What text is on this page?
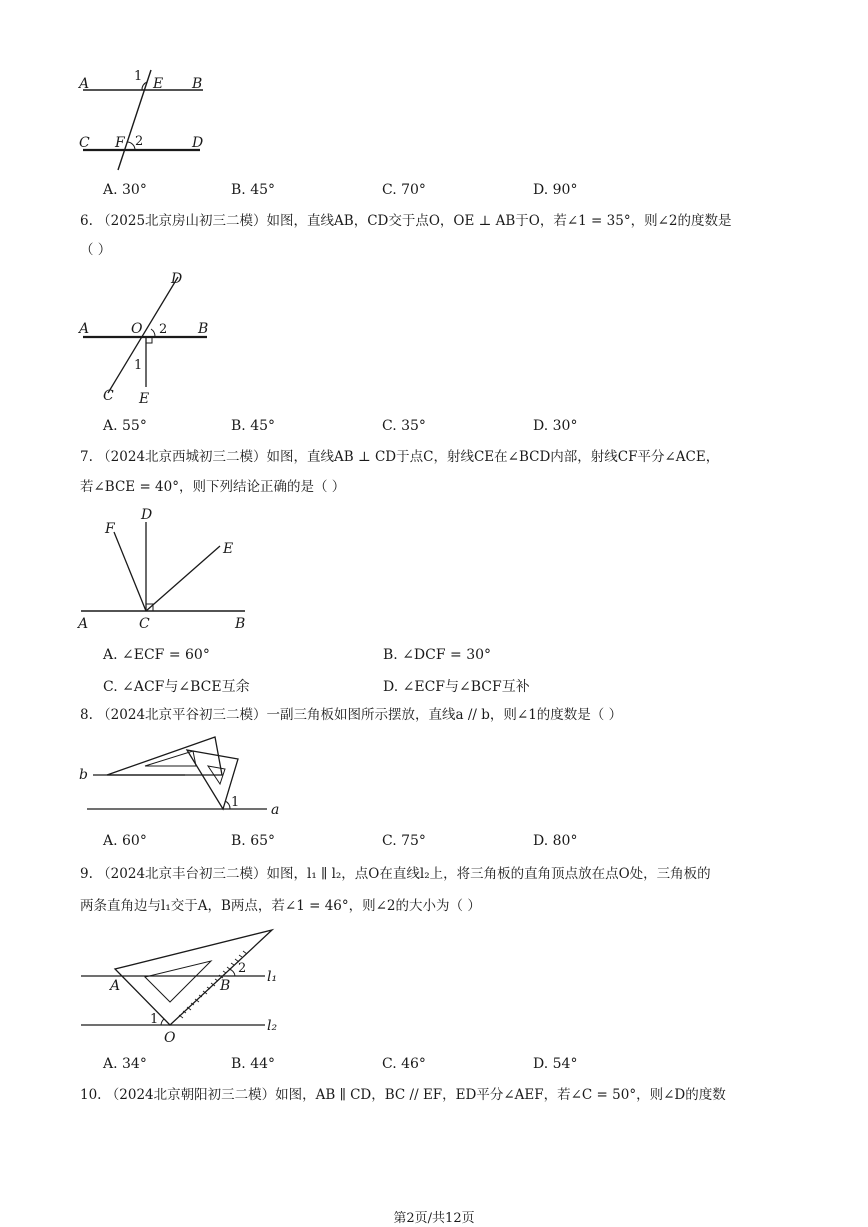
A	1 E B
C F 2	D
A. 30°	B. 45°	C. 70°	D. 90°
6. （2025北京房山初三二模）如图，直线AB，CD交于点O，OE ⊥ AB于O，若∠1 = 35°，则∠2的度数是
（ ）
A	O 2 B
D
1
C E
A. 55°	B. 45°	C. 35°	D. 30°
7. （2024北京西城初三二模）如图，直线AB ⊥ CD于点C，射线CE在∠BCD内部，射线CF平分∠ACE，
若∠BCE = 40°，则下列结论正确的是（ ）
F
D
E
A	C	B
A. ∠ECF = 60°	B. ∠DCF = 30°
C. ∠ACF与∠BCE互余	D. ∠ECF与∠BCF互补
8. （2024北京平谷初三二模）一副三角板如图所示摆放，直线a // b，则∠1的度数是（ ）
b
a
1
A. 60°	B. 65°	C. 75°	D. 80°
9. （2024北京丰台初三二模）如图，l₁ ∥ l₂，点O在直线l₂上，将三角板的直角顶点放在点O处，三角板的
两条直角边与l₁交于A，B两点，若∠1 = 46°，则∠2的大小为（ ）
A	B
1
O
2
l₁
l₂
A. 34°	B. 44°	C. 46°	D. 54°
10. （2024北京朝阳初三二模）如图，AB ∥ CD，BC // EF，ED平分∠AEF，若∠C = 50°，则∠D的度数
第2页/共12页
